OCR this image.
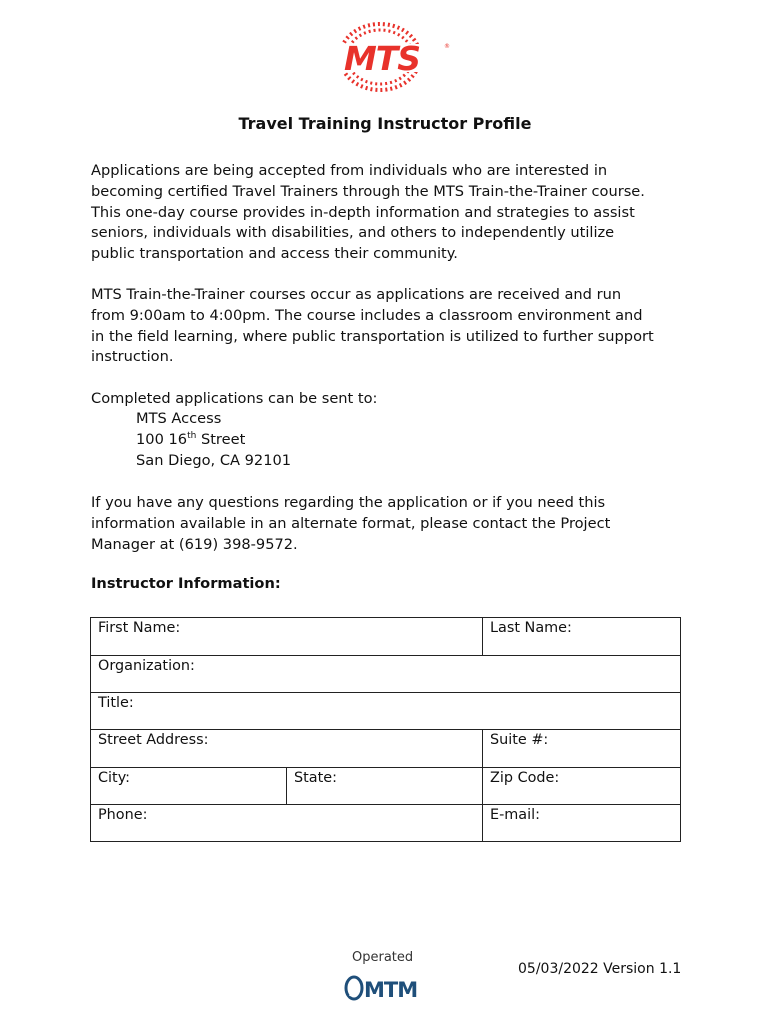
MTS	®
Travel Training Instructor Profile
Applications are being accepted from individuals who are interested in
becoming certified Travel Trainers through the MTS Train-the-Trainer course.
This one-day course provides in-depth information and strategies to assist
seniors, individuals with disabilities, and others to independently utilize
public transportation and access their community.
MTS Train-the-Trainer courses occur as applications are received and run
from 9:00am to 4:00pm. The course includes a classroom environment and
in the field learning, where public transportation is utilized to further support
instruction.
Completed applications can be sent to:
MTS Access
100 16th Street
San Diego, CA 92101
If you have any questions regarding the application or if you need this
information available in an alternate format, please contact the Project
Manager at (619) 398-9572.
Instructor Information:
First Name:		Last Name:
Organization:		
Title:		
Street Address:		Suite #:
City:	State:	Zip Code:
Phone:		E-mail:
Operated
MTM
05/03/2022 Version 1.1
